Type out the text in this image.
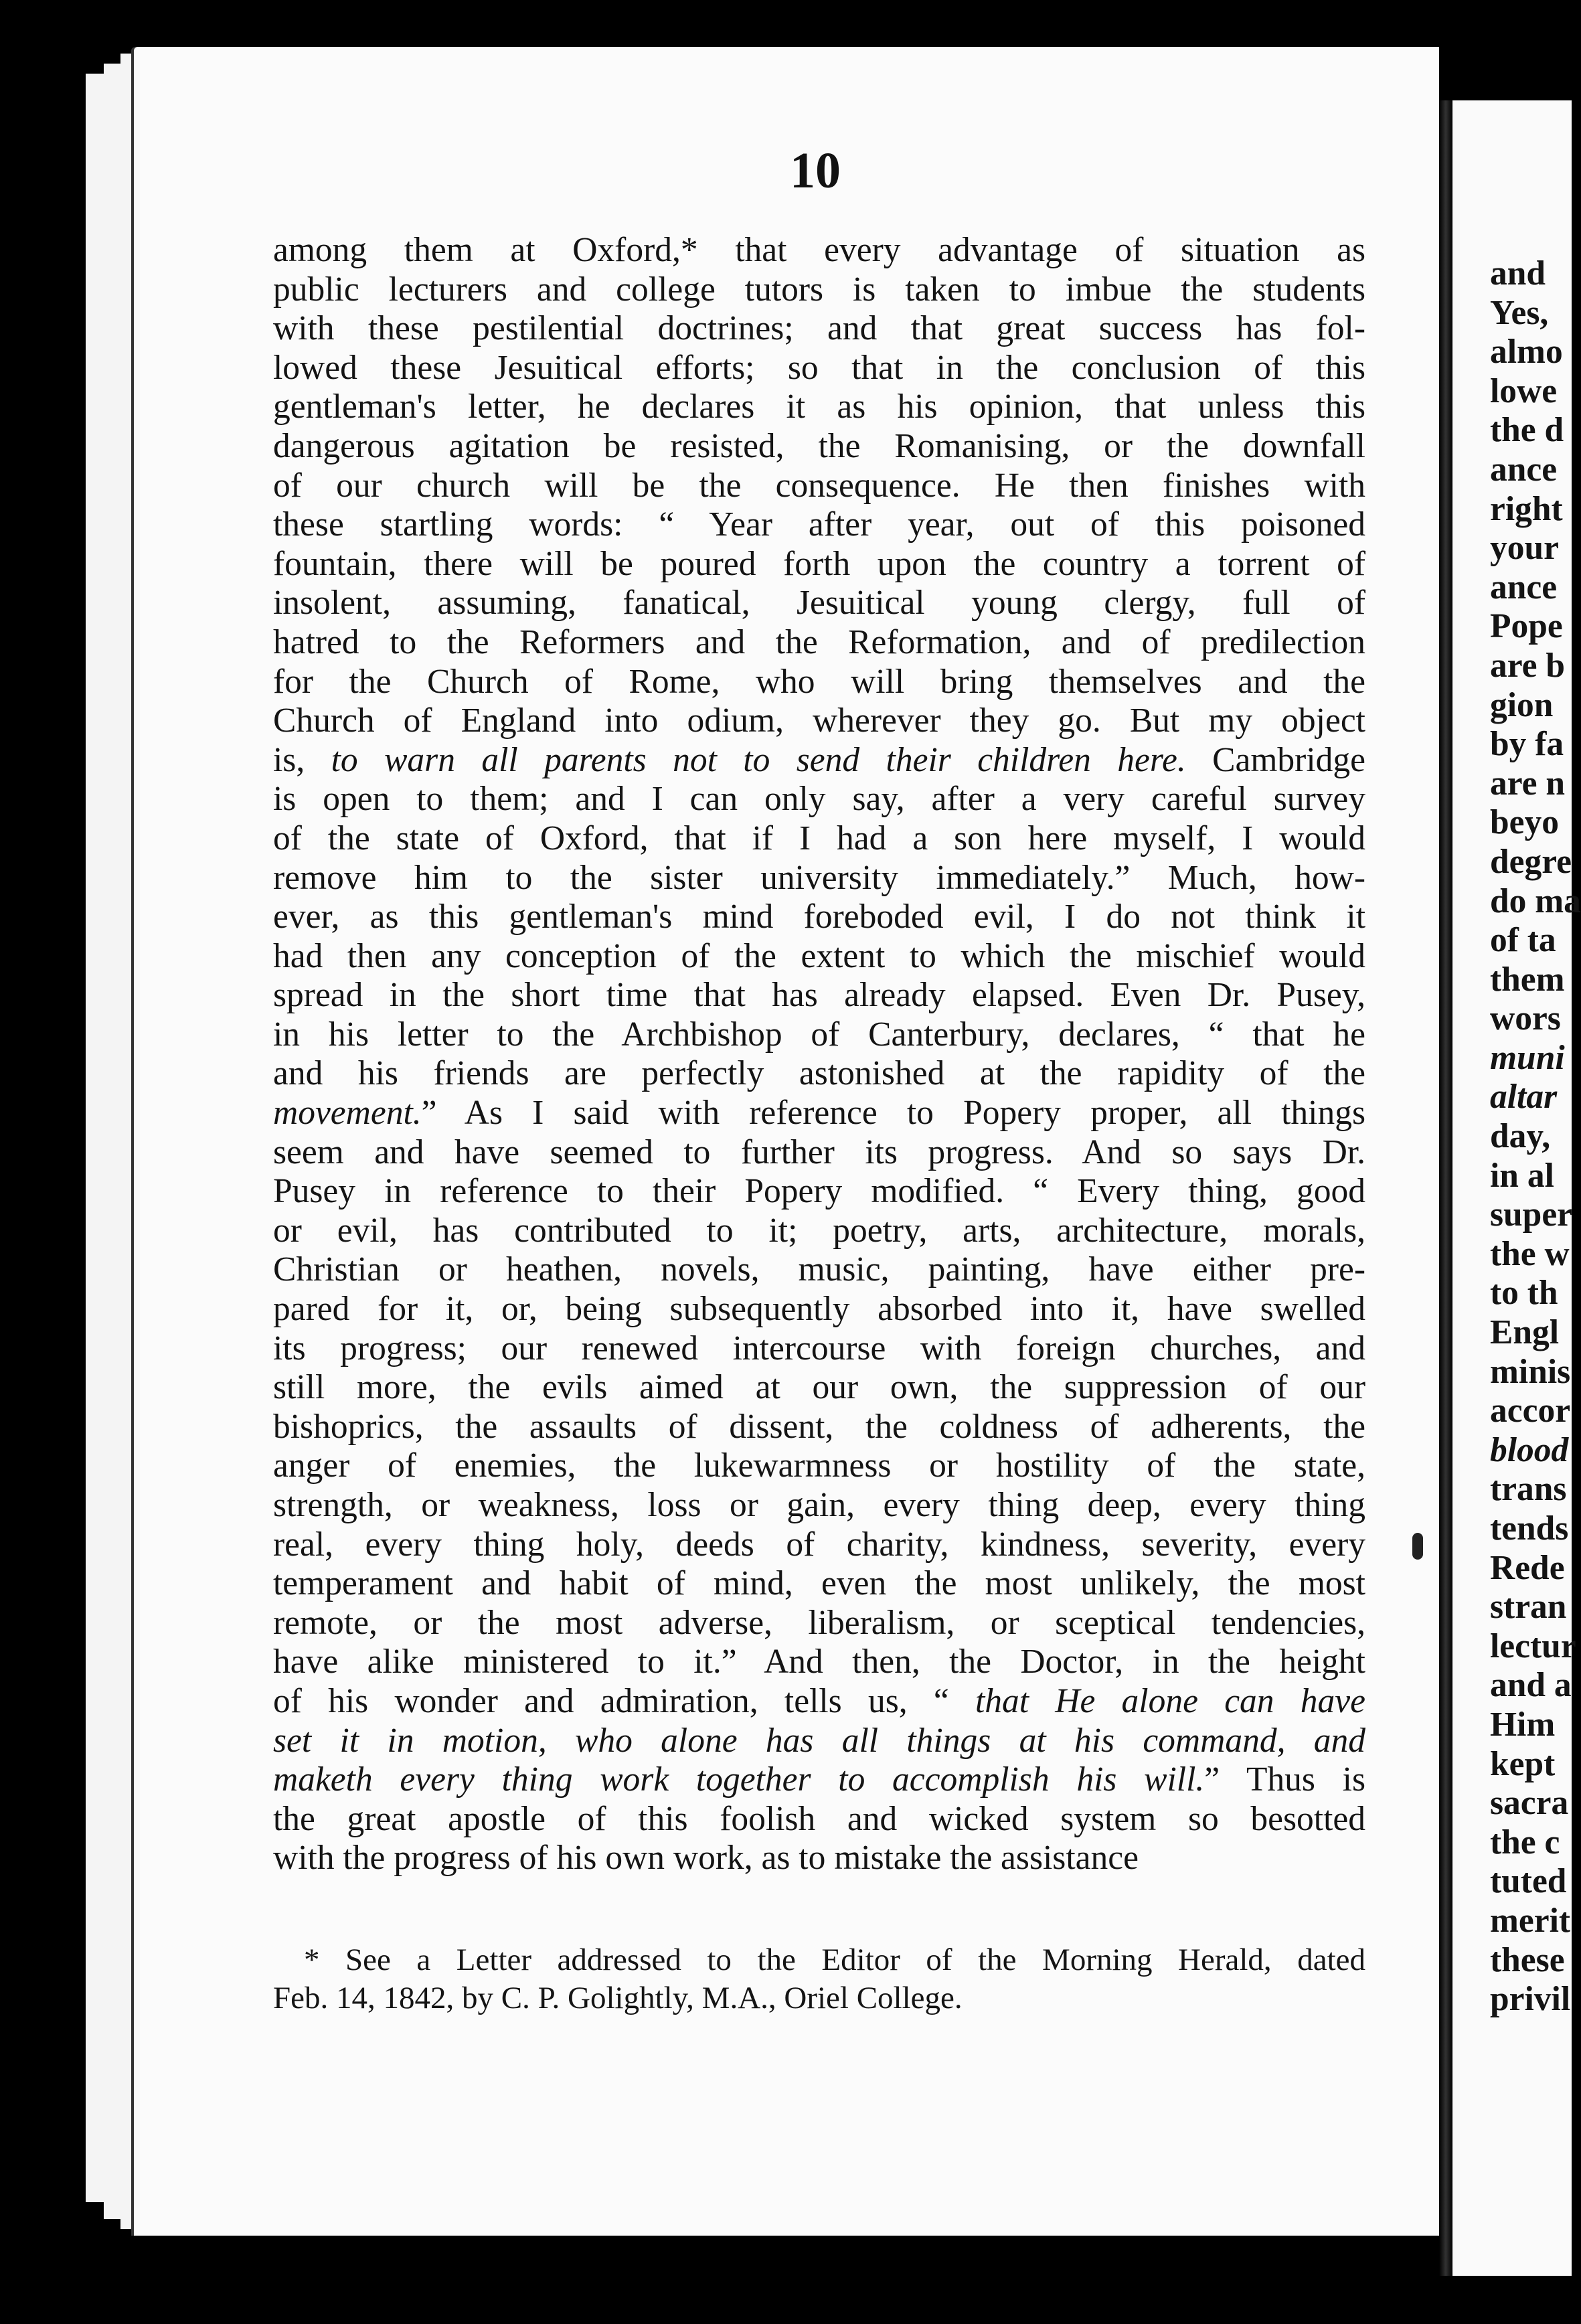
and
Yes,
almo
lowe
the d
ance
right
your
ance
Pope
are b
gion
by fa
are n
beyo
degre
do ma
of ta
them
wors
muni
altar
day,
in al
super
the w
to th
Engl
minis
accor
blood
trans
tends
Rede
stran
lectur
and a
Him
kept
sacra
the c
tuted
merit
these
privil
10
among them at Oxford,* that every advantage of situation as
public lecturers and college tutors is taken to imbue the students
with these pestilential doctrines; and that great success has fol-
lowed these Jesuitical efforts; so that in the conclusion of this
gentleman's letter, he declares it as his opinion, that unless this
dangerous agitation be resisted, the Romanising, or the downfall
of our church will be the consequence. He then finishes with
these startling words: “ Year after year, out of this poisoned
fountain, there will be poured forth upon the country a torrent of
insolent, assuming, fanatical, Jesuitical young clergy, full of
hatred to the Reformers and the Reformation, and of predilection
for the Church of Rome, who will bring themselves and the
Church of England into odium, wherever they go. But my object
is, to warn all parents not to send their children here. Cambridge
is open to them; and I can only say, after a very careful survey
of the state of Oxford, that if I had a son here myself, I would
remove him to the sister university immediately.” Much, how-
ever, as this gentleman's mind foreboded evil, I do not think it
had then any conception of the extent to which the mischief would
spread in the short time that has already elapsed. Even Dr. Pusey,
in his letter to the Archbishop of Canterbury, declares, “ that he
and his friends are perfectly astonished at the rapidity of the
movement.” As I said with reference to Popery proper, all things
seem and have seemed to further its progress. And so says Dr.
Pusey in reference to their Popery modified. “ Every thing, good
or evil, has contributed to it; poetry, arts, architecture, morals,
Christian or heathen, novels, music, painting, have either pre-
pared for it, or, being subsequently absorbed into it, have swelled
its progress; our renewed intercourse with foreign churches, and
still more, the evils aimed at our own, the suppression of our
bishoprics, the assaults of dissent, the coldness of adherents, the
anger of enemies, the lukewarmness or hostility of the state,
strength, or weakness, loss or gain, every thing deep, every thing
real, every thing holy, deeds of charity, kindness, severity, every
temperament and habit of mind, even the most unlikely, the most
remote, or the most adverse, liberalism, or sceptical tendencies,
have alike ministered to it.” And then, the Doctor, in the height
of his wonder and admiration, tells us, “ that He alone can have
set it in motion, who alone has all things at his command, and
maketh every thing work together to accomplish his will.” Thus is
the great apostle of this foolish and wicked system so besotted
with the progress of his own work, as to mistake the assistance
* See a Letter addressed to the Editor of the Morning Herald, dated
Feb. 14, 1842, by C. P. Golightly, M.A., Oriel College.
